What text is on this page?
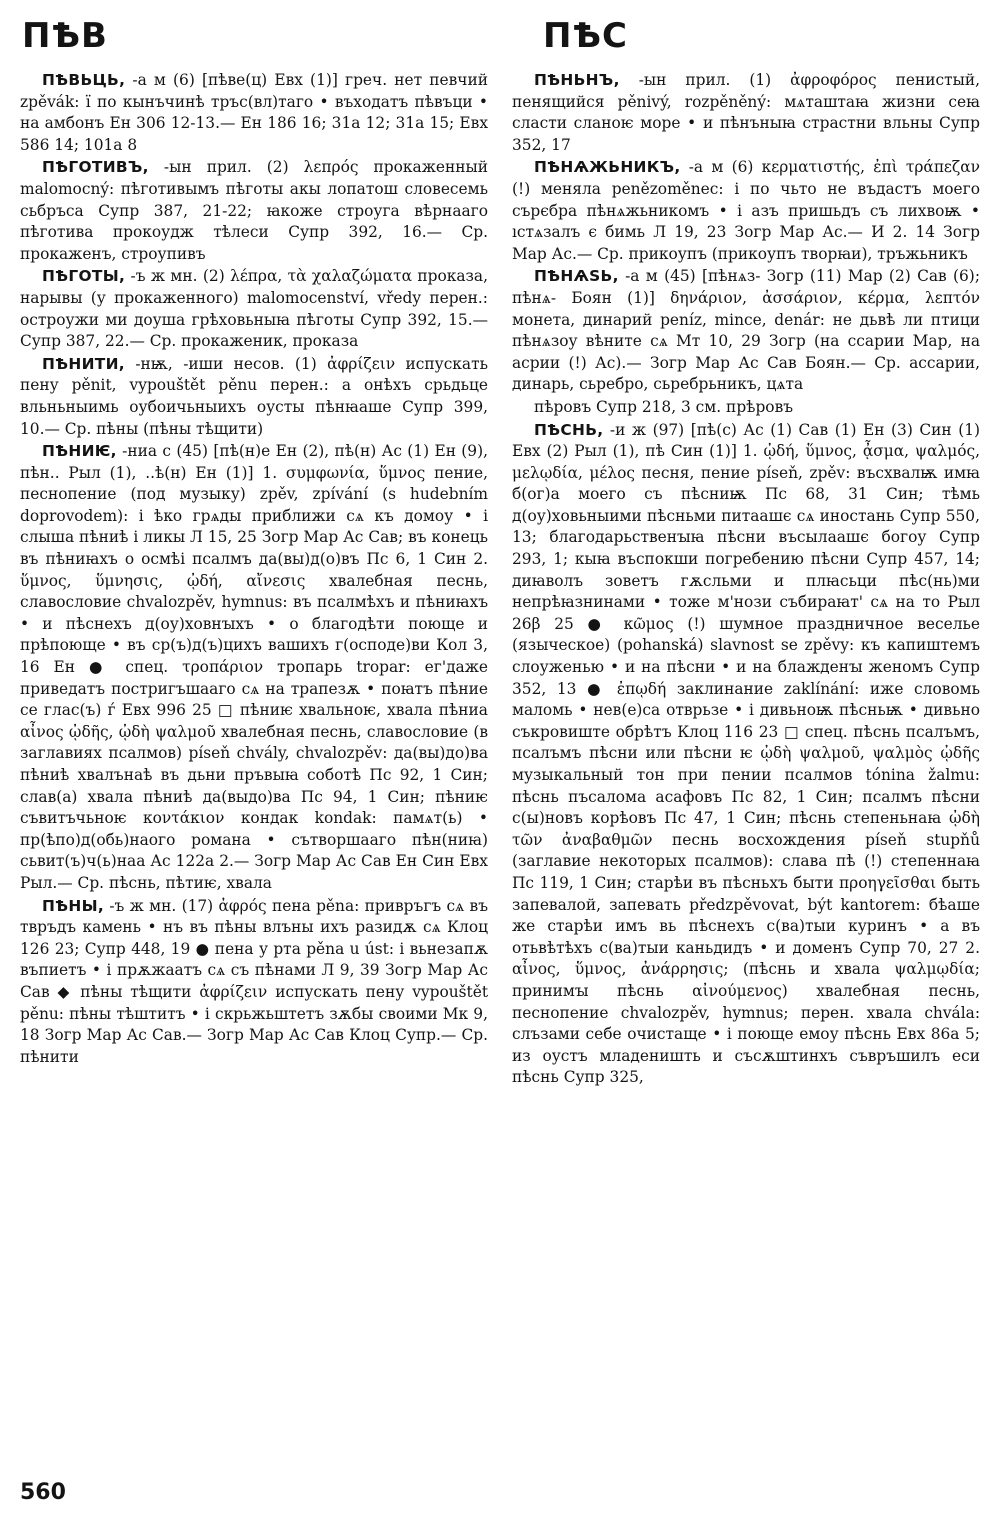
ПѢВ	ПѢС

ПѢВЬЦЬ, -а м (6) [пѣве(ц) Евх (1)] греч. нет певчий zpěvák: ї по кынъчинѣ тръс(вл)таго • въходатъ пѣвъци • на амбонъ Ен 306 12-13.— Ен 186 16; 31а 12; 31а 15; Евх 586 14; 101а 8

ПѢГОТИВЪ, -ын прил. (2) λεπρός прокаженный malomocný: пѣготивымъ пѣготы акы лопатош словесемь сьбръса Супр 387, 21-22; ꙗкоже строуга вѣрнааго пѣготива прокоудж тѣлеси Супр 392, 16.— Ср. прокаженъ, строупивъ

ПѢГОТЫ, -ъ ж мн. (2) λέπρα, τὰ χαλαζώματα проказа, нарывы (у прокаженного) malomocenství, vředy перен.: остроужи ми доуша грѣховьныꙗ пѣготы Супр 392, 15.— Супр 387, 22.— Ср. прокаженик, проказа

ПѢНИТИ, -нѭ, -иши несов. (1) ἀφρίζειν испускать пену pěnit, vypouštět pěnu перен.: а онѣхъ срьдьце вльньныимь оубоичьныихъ оусты пѣнꙗаше Супр 399, 10.— Ср. пѣны (пѣны тѣщити)

ПѢНИѤ, -ниа с (45) [пѣ(н)е Ен (2), пѣ(н) Ас (1) Ен (9), пѣн.. Рыл (1), ..ѣ(н) Ен (1)] 1. συμφωνία, ὕμνος пение, песнопение (под музыку) zpěv, zpívání (s hudebním doprovodem): і ѣко грѧды приближи сѧ къ домоу • і слыша пѣниѣ і ликы Л 15, 25 Зогр Мар Ас Сав; въ конець въ пѣниꙗхъ о осмѣі псалмъ да(вы)д(о)въ Пс 6, 1 Син 2. ὕμνος, ὕμνησις, ᾠδή, αἴνεσις хвалебная песнь, славословие chvalozpěv, hymnus: въ псалмѣхъ и пѣниꙗхъ • и пѣснехъ д(оу)ховнꙑхъ • о благодѣти поюще и прѣпоюще • въ ср(ъ)д(ъ)цихъ вашихъ г(осподе)ви Кол 3, 16 Ен ● спец. τροπάριον тропарь tropar: ег'даже приведатъ постригъшааго сѧ на трапезѫ • поꙗтъ пѣние се глас(ъ) ѓ Евх 996 25 □ пѣниѥ хвальноѥ, хвала пѣниа αἶνος ᾠδῆς, ᾠδὴ ψαλμοῦ хвалебная песнь, славословие (в заглавиях псалмов) píseň chvály, chvalozpěv: да(вы)до)ва пѣниѣ хвалънаѣ въ дьни пръвыꙗ соботѣ Пс 92, 1 Син; слав(а) хвала пѣниѣ да(выдо)ва Пс 94, 1 Син; пѣниѥ съвитъчьноѥ κοντάκιον кондак kondak: памѧт(ь) • пр(ѣпо)д(обь)наого романа • сътворшааго пѣн(ниꙗ) сьвит(ъ)ч(ь)наа Ас 122а 2.— Зогр Мар Ас Сав Ен Син Евх Рыл.— Ср. пѣснь, пѣтиѥ, хвала

ПѢНЫ, -ъ ж мн. (17) ἀφρός пена pěna: привръгъ сѧ въ твръдъ камень • нъ въ пѣны влъны ихъ разидѫ сѧ Клоц 126 23; Супр 448, 19 ● пена у рта pěna u úst: і вьнезапѫ въпиетъ • і прѫжаатъ сѧ съ пѣнами Л 9, 39 Зогр Мар Ас Сав ◆ пѣны тѣщити ἀφρίζειν испускать пену vypouštět pěnu: пѣны тѣштитъ • і скрьжьштетъ зѫбы своими Мк 9, 18 Зогр Мар Ас Сав.— Зогр Мар Ас Сав Клоц Супр.— Ср. пѣнити

ПѢНЬНЪ, -ын прил. (1) ἀφροφόρος пенистый, пенящийся pěnivý, rozpěněný: мѧташтаꙗ жизни сеꙗ сласти сланоѥ море • и пѣнъныꙗ страстни вльны Супр 352, 17

ПѢНѦЖЬНИКЪ, -а м (6) κερματιστής, ἐπὶ τράπεζαν (!) меняла penězoměnec: і по чьто не въдастъ моего сърєбра пѣнѧжьникомъ • і азъ пришьдъ съ лихвоѭ • ıстѧзалъ є бимь Л 19, 23 Зогр Мар Ас.— И 2. 14 Зогр Мар Ас.— Ср. прикоупъ (прикоупъ творꙗи), тръжьникъ

ПѢНѦЅЬ, -а м (45) [пѣнѧз- Зогр (11) Мар (2) Сав (6); пѣнѧ- Боян (1)] δηνάριον, ἀσσάριον, κέρμα, λεπτόν монета, динарий peníz, mince, denár: не дьвѣ ли птици пѣнѧзоу вѣните сѧ Мт 10, 29 Зогр (на ссарии Мар, на асрии (!) Ас).— Зогр Мар Ас Сав Боян.— Ср. ассарии, динарь, сьребро, сьребрьникъ, цѧта

пѣровъ Супр 218, 3 см. прѣровъ

ПѢСНЬ, -и ж (97) [пѣ(с) Ас (1) Сав (1) Ен (3) Син (1) Евх (2) Рыл (1), пѣ Син (1)] 1. ᾠδή, ὕμνος, ᾆσμα, ψαλμός, μελῳδία, μέλος песня, пение píseň, zpěv: въсхвалѭ имꙗ б(ог)а моего съ пѣсниѭ Пс 68, 31 Син; тѣмь д(оу)ховьныими пѣсньми питаашє сѧ иностань Супр 550, 13; благодарьственꙑꙗ пѣсни въсылаашє богоу Супр 293, 1; кыꙗ въспокши погребению пѣсни Супр 457, 14; диꙗволъ зоветъ гѫсльми и плꙗсьци пѣс(нь)ми непрѣꙗзнинами • тоже м'нози събираꙗт' сѧ на то Рыл 26β 25 ● κῶμος (!) шумное праздничное веселье (языческое) (pohanská) slavnost se zpěvy: къ капиштемъ слоуженью • и на пѣсни • и на блажденꙑ женомъ Супр 352, 13 ● ἐπῳδή заклинание zaklínání: иже словомь маломь • нев(е)са отврьзе • і дивьноѭ пѣсньѭ • дивьно съкровиште обрѣтъ Клоц 116 23 □ спец. пѣснь псалъмъ, псалъмъ пѣсни или пѣсни ѥ ᾠδὴ ψαλμοῦ, ψαλμὸς ᾠδῆς музыкальный тон при пении псалмов tónina žalmu: пѣснь пъсалома асафовъ Пс 82, 1 Син; псалмъ пѣсни с(ы)новъ корѣовъ Пс 47, 1 Син; пѣснь степеньнаꙗ ᾠδὴ τῶν ἀναβαθμῶν песнь восхождения píseň stupňů (заглавие некоторых псалмов): слава пѣ (!) степеннаꙗ Пс 119, 1 Син; старѣи въ пѣсньхъ быти προηγεῖσθαι быть запевалой, запевать předzpěvovat, být kantorem: бѣаше же старѣи имъ вь пѣснехъ с(ва)тыи куринъ • а въ отьвѣтѣхъ с(ва)тыи каньдидъ • и доменъ Супр 70, 27 2. αἶνος, ὕμνος, ἀνάρρησις; (пѣснь и хвала ψαλμῳδία; принимꙑ пѣснь αἰνούμενος) хвалебная песнь, песнопение chvalozpěv, hymnus; перен. хвала chvála: слъзами себе очистаще • і поюще емоу пѣснь Евх 86а 5; из оустъ младеништь и съсѫштинхъ съвръшилъ еси пѣснь Супр 325,

560
